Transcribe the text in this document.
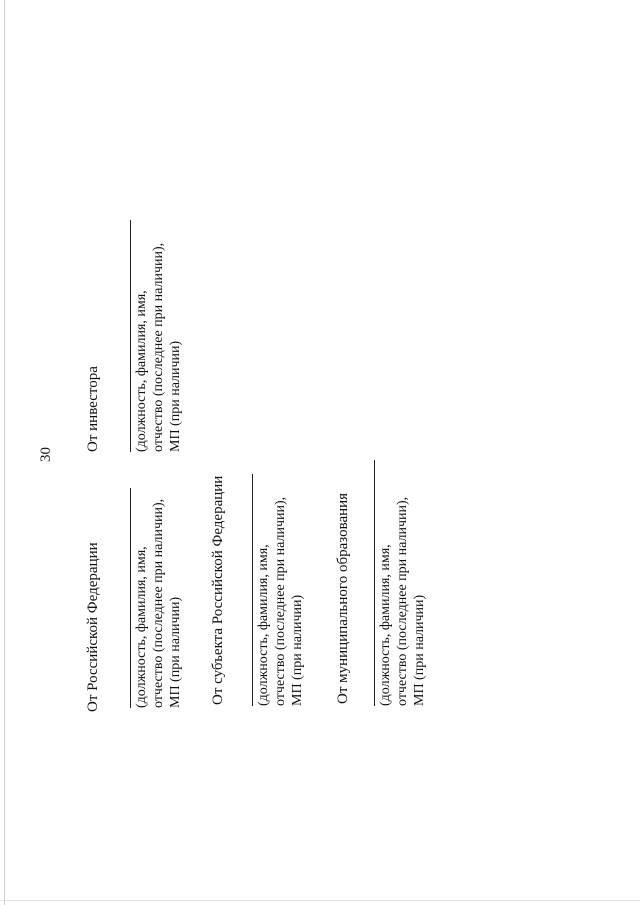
30
От Российской Федерации (должность, фамилия, имя, отчество (последнее при наличии), МП (при наличии)
От инвестора (должность, фамилия, имя, отчество (последнее при наличии), МП (при наличии)
От субъекта Российской Федерации (должность, фамилия, имя, отчество (последнее при наличии), МП (при наличии) От муниципального образования (должность, фамилия, имя, отчество (последнее при наличии), МП (при наличии)
